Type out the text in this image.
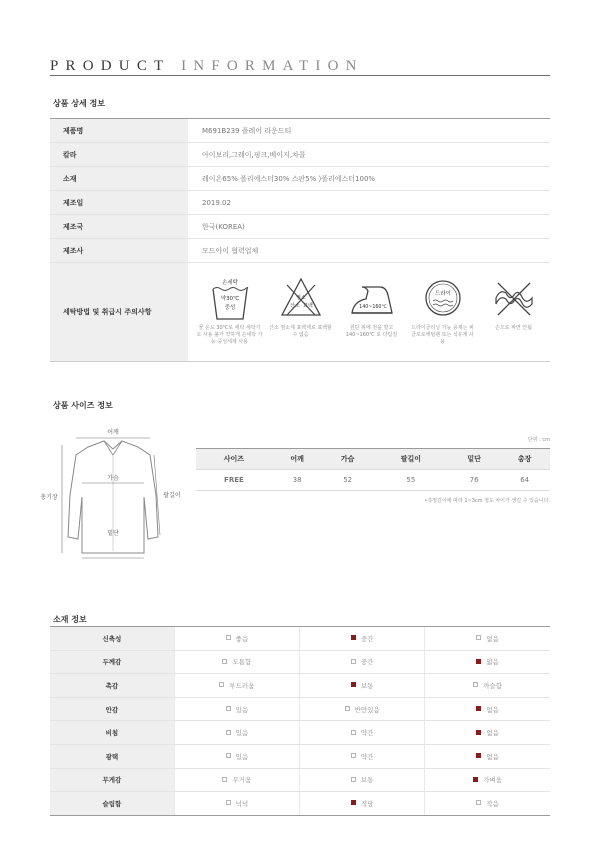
PRODUCT INFORMATION
상품 상세 정보
제품명	M691B239 플레어 라운드티
칼라	아이보리,그레이,핑크,베이지,차콜
소재	레이온65% 폴리에스터30% 스판5% )폴리에스터100%
제조일	2019.02
제조국	한국(KOREA)
제조사	모드아이 협력업체
세탁방법 및 취급시 주의사항
손세탁
약30℃
중성
물 온도 30℃로 세탁 세탁기로 사용 불가 약하게 손세탁 가능 중성세제 사용
염소
산소 표백
산소 염소계 표백제로 표백할 수 없음
140~160℃
원단 위에 천을 깔고 140~160℃ 로 다림질
드라이
드라이클리닝 가능 용제는 퍼클로로에틸렌 또는 석유계 사용
손으로 짜면 안됨
상품 사이즈 정보
어깨
가슴
총기장	팔길이
밑단
단위 : cm
사이즈	어깨	가슴	팔길이	밑단	총장
FREE	38	52	55	76	64
•측정길이에 따라 1~3cm 정도 차이가 생길 수 있습니다.
소재 정보
신축성	좋음	중간	없음
두께감	도톰함	중간	얇음
촉감	부드러움	보통	까슬함
안감	있음	반만있음	없음
비침	있음	약간	없음
광택	있음	약간	없음
무게감	무거움	보통	가벼움
슬림함	넉넉	적당	작음
